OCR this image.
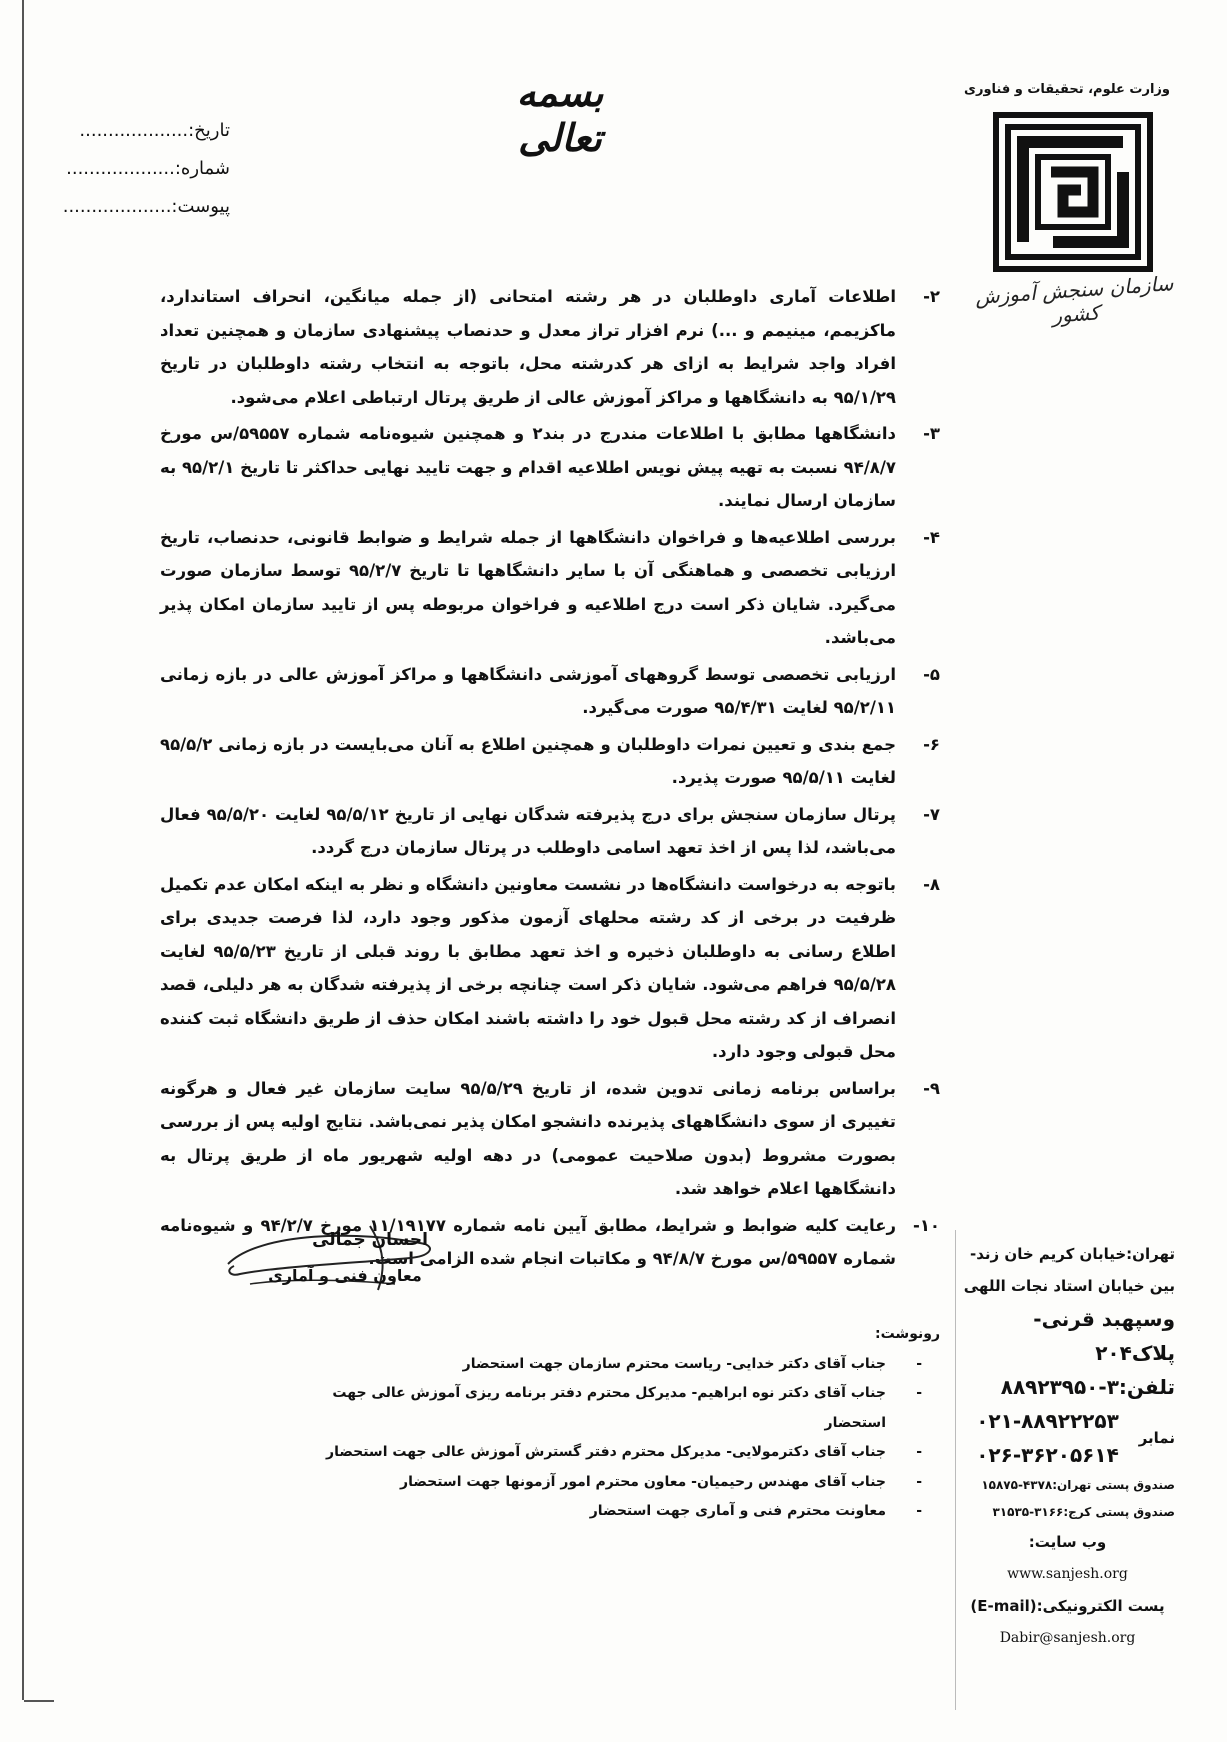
بسمه تعالی
تاریخ:...................
شماره:...................
پیوست:...................
وزارت علوم، تحقیقات و فناوری
سازمان سنجش آموزش کشور
۲-
اطلاعات آماری داوطلبان در هر رشته امتحانی (از جمله میانگین، انحراف استاندارد، ماکزیمم، مینیمم و ...) نرم افزار تراز معدل و حدنصاب پیشنهادی سازمان و همچنین تعداد افراد واجد شرایط به ازای هر کدرشته محل، باتوجه به انتخاب رشته داوطلبان در تاریخ ۹۵/۱/۲۹ به دانشگاهها و مراکز آموزش عالی از طریق پرتال ارتباطی اعلام می‌شود.
۳-
دانشگاهها مطابق با اطلاعات مندرج در بند۲ و همچنین شیوه‌نامه شماره ۵۹۵۵۷/س مورخ ۹۴/۸/۷ نسبت به تهیه پیش نویس اطلاعیه اقدام و جهت تایید نهایی حداکثر تا تاریخ ۹۵/۲/۱ به سازمان ارسال نمایند.
۴-
بررسی اطلاعیه‌ها و فراخوان دانشگاهها از جمله شرایط و ضوابط قانونی، حدنصاب، تاریخ ارزیابی تخصصی و هماهنگی آن با سایر دانشگاهها تا تاریخ ۹۵/۲/۷ توسط سازمان صورت می‌گیرد. شایان ذکر است درج اطلاعیه و فراخوان مربوطه پس از تایید سازمان امکان پذیر می‌باشد.
۵-
ارزیابی تخصصی توسط گروههای آموزشی دانشگاهها و مراکز آموزش عالی در بازه زمانی ۹۵/۲/۱۱ لغایت ۹۵/۴/۳۱ صورت می‌گیرد.
۶-
جمع بندی و تعیین نمرات داوطلبان و همچنین اطلاع به آنان می‌بایست در بازه زمانی ۹۵/۵/۲ لغایت ۹۵/۵/۱۱ صورت پذیرد.
۷-
پرتال سازمان سنجش برای درج پذیرفته شدگان نهایی از تاریخ ۹۵/۵/۱۲ لغایت ۹۵/۵/۲۰ فعال می‌باشد، لذا پس از اخذ تعهد اسامی داوطلب در پرتال سازمان درج گردد.
۸-
باتوجه به درخواست دانشگاه‌ها در نشست معاونین دانشگاه و نظر به اینکه امکان عدم تکمیل ظرفیت در برخی از کد رشته محلهای آزمون مذکور وجود دارد، لذا فرصت جدیدی برای اطلاع رسانی به داوطلبان ذخیره و اخذ تعهد مطابق با روند قبلی از تاریخ ۹۵/۵/۲۳ لغایت ۹۵/۵/۲۸ فراهم می‌شود. شایان ذکر است چنانچه برخی از پذیرفته شدگان به هر دلیلی، قصد انصراف از کد رشته محل قبول خود را داشته باشند امکان حذف از طریق دانشگاه ثبت کننده محل قبولی وجود دارد.
۹-
براساس برنامه زمانی تدوین شده، از تاریخ ۹۵/۵/۲۹ سایت سازمان غیر فعال و هرگونه تغییری از سوی دانشگاههای پذیرنده دانشجو امکان پذیر نمی‌باشد. نتایج اولیه پس از بررسی بصورت مشروط (بدون صلاحیت عمومی) در دهه اولیه شهریور ماه از طریق پرتال به دانشگاهها اعلام خواهد شد.
۱۰-
رعایت کلیه ضوابط و شرایط، مطابق آیین نامه شماره ۱۱/۱۹۱۷۷ مورخ ۹۴/۲/۷ و شیوه‌نامه شماره ۵۹۵۵۷/س مورخ ۹۴/۸/۷ و مکاتبات انجام شده الزامی است.
احسان جمالی
معاون فنی و آماری
رونوشت:
-
جناب آقای دکتر خدایی- ریاست محترم سازمان جهت استحضار
-
جناب آقای دکتر نوه ابراهیم- مدیرکل محترم دفتر برنامه ریزی آموزش عالی جهت استحضار
-
جناب آقای دکترمولایی- مدیرکل محترم دفتر گسترش آموزش عالی جهت استحضار
-
جناب آقای مهندس رحیمیان- معاون محترم امور آزمونها جهت استحضار
-
معاونت محترم فنی و آماری جهت استحضار
تهران:خیابان کریم خان زند-
بین خیابان استاد نجات اللهی
وسپهبد قرنی-پلاک۲۰۴
تلفن:۳-۸۸۹۲۳۹۵۰
نمابر
۰۲۱-۸۸۹۲۲۲۵۳
۰۲۶-۳۶۲۰۵۶۱۴
صندوق پستی تهران:۴۳۷۸-۱۵۸۷۵
صندوق پستی کرج:۳۱۶۶-۳۱۵۳۵
وب سایت:
www.sanjesh.org
پست الکترونیکی:(E-mail)
Dabir@sanjesh.org
